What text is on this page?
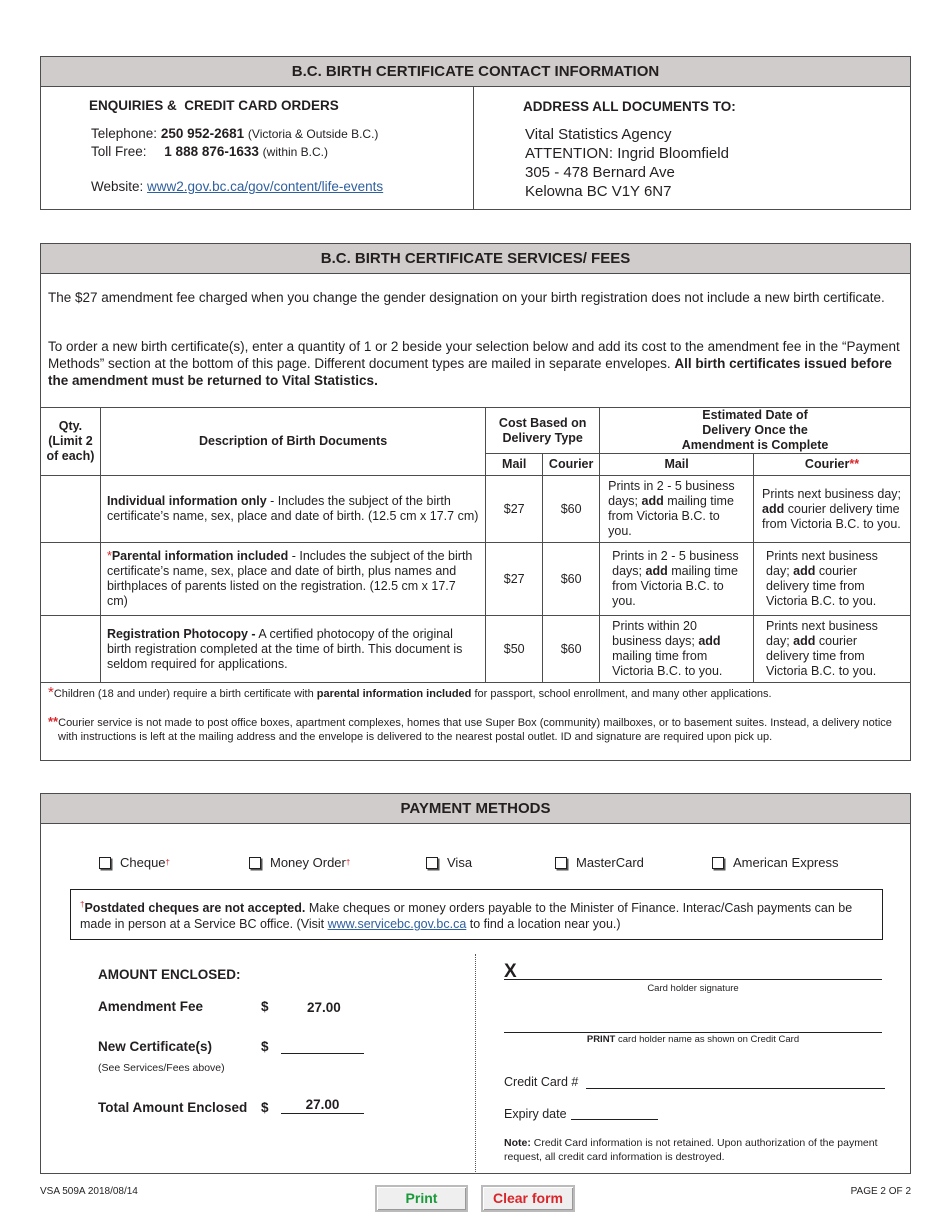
B.C. BIRTH CERTIFICATE CONTACT INFORMATION
ENQUIRIES &  CREDIT CARD ORDERS
Telephone: 250 952-2681 (Victoria & Outside B.C.)
Toll Free: 1 888 876-1633 (within B.C.)
Website: www2.gov.bc.ca/gov/content/life-events
ADDRESS ALL DOCUMENTS TO:
Vital Statistics Agency
ATTENTION: Ingrid Bloomfield
305 - 478 Bernard Ave
Kelowna BC V1Y 6N7
B.C. BIRTH CERTIFICATE SERVICES/ FEES
The $27 amendment fee charged when you change the gender designation on your birth registration does not include a new birth certificate.
To order a new birth certificate(s), enter a quantity of 1 or 2 beside your selection below and add its cost to the amendment fee in the “Payment Methods” section at the bottom of this page. Different document types are mailed in separate envelopes. All birth certificates issued before the amendment must be returned to Vital Statistics.
Qty. (Limit 2 of each)	Description of Birth Documents	Cost Based on Delivery Type		Estimated Date of Delivery Once the Amendment is Complete	
		Mail	Courier	Mail	Courier**
	Individual information only - Includes the subject of the birth certificate’s name, sex, place and date of birth. (12.5 cm x 17.7 cm)	$27	$60	Prints in 2 - 5 business days; add mailing time from Victoria B.C. to you.	Prints next business day; add courier delivery time from Victoria B.C. to you.
	*Parental information included - Includes the subject of the birth certificate’s name, sex, place and date of birth, plus names and birthplaces of parents listed on the registration. (12.5 cm x 17.7 cm)	$27	$60	Prints in 2 - 5 business days; add mailing time from Victoria B.C. to you.	Prints next business day; add courier delivery time from Victoria B.C. to you.
	Registration Photocopy - A certified photocopy of the original birth registration completed at the time of birth. This document is seldom required for applications.	$50	$60	Prints within 20 business days; add mailing time from Victoria B.C. to you.	Prints next business day; add courier delivery time from Victoria B.C. to you.
*Children (18 and under) require a birth certificate with parental information included for passport, school enrollment, and many other applications.
**Courier service is not made to post office boxes, apartment complexes, homes that use Super Box (community) mailboxes, or to basement suites. Instead, a delivery notice with instructions is left at the mailing address and the envelope is delivered to the nearest postal outlet. ID and signature are required upon pick up.
PAYMENT METHODS
Cheque †	Money Order †	Visa	MasterCard	American Express
†Postdated cheques are not accepted. Make cheques or money orders payable to the Minister of Finance. Interac/Cash payments can be made in person at a Service BC office. (Visit www.servicebc.gov.bc.ca to find a location near you.)
AMOUNT ENCLOSED:
Amendment Fee	$	27.00
New Certificate(s)	$
(See Services/Fees above)
Total Amount Enclosed $	27.00
X
Card holder signature
PRINT card holder name as shown on Credit Card
Credit Card #
Expiry date
Note: Credit Card information is not retained. Upon authorization of the payment request, all credit card information is destroyed.
VSA 509A 2018/08/14	PAGE 2 OF 2
Print	Clear form
